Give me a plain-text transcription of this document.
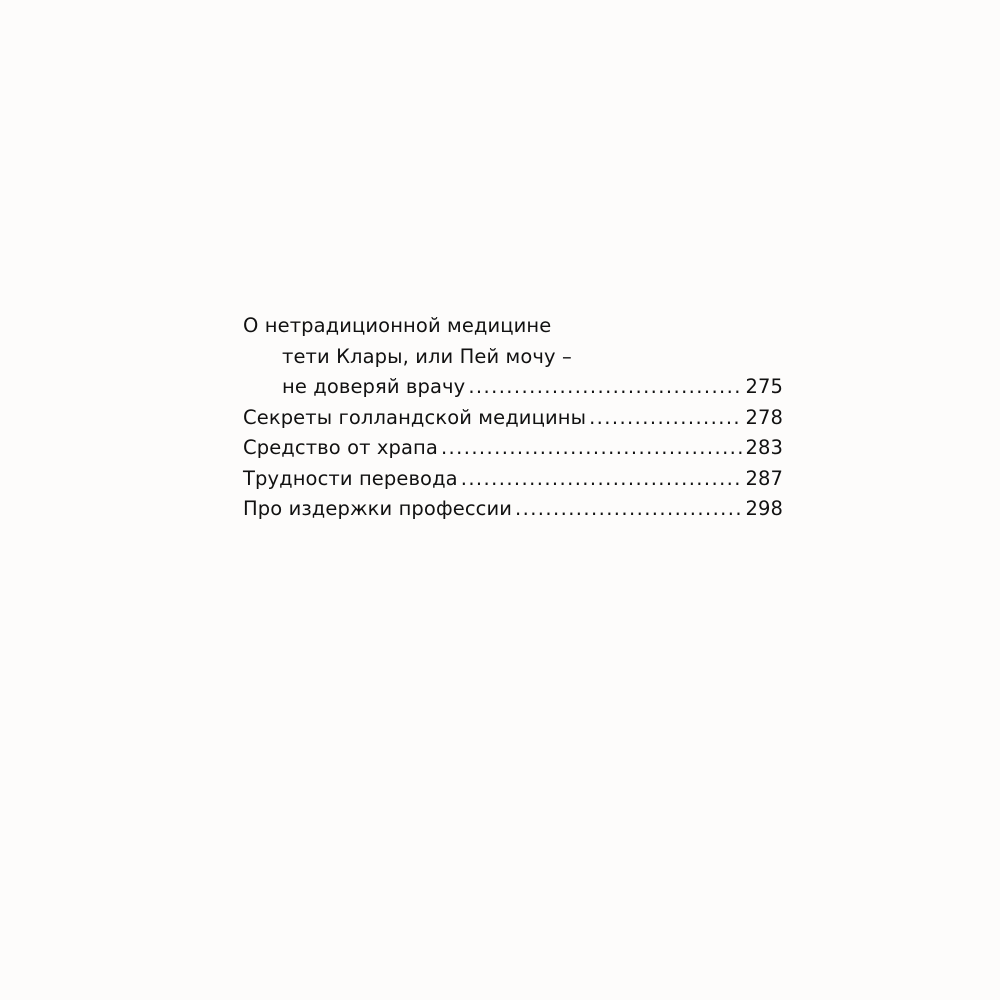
О нетрадиционной медицине
тети Клары, или Пей мочу –
не доверяй врачу .....	275
Секреты голландской медицины .....	278
Средство от храпа .....	283
Трудности перевода .....	287
Про издержки профессии .....	298
